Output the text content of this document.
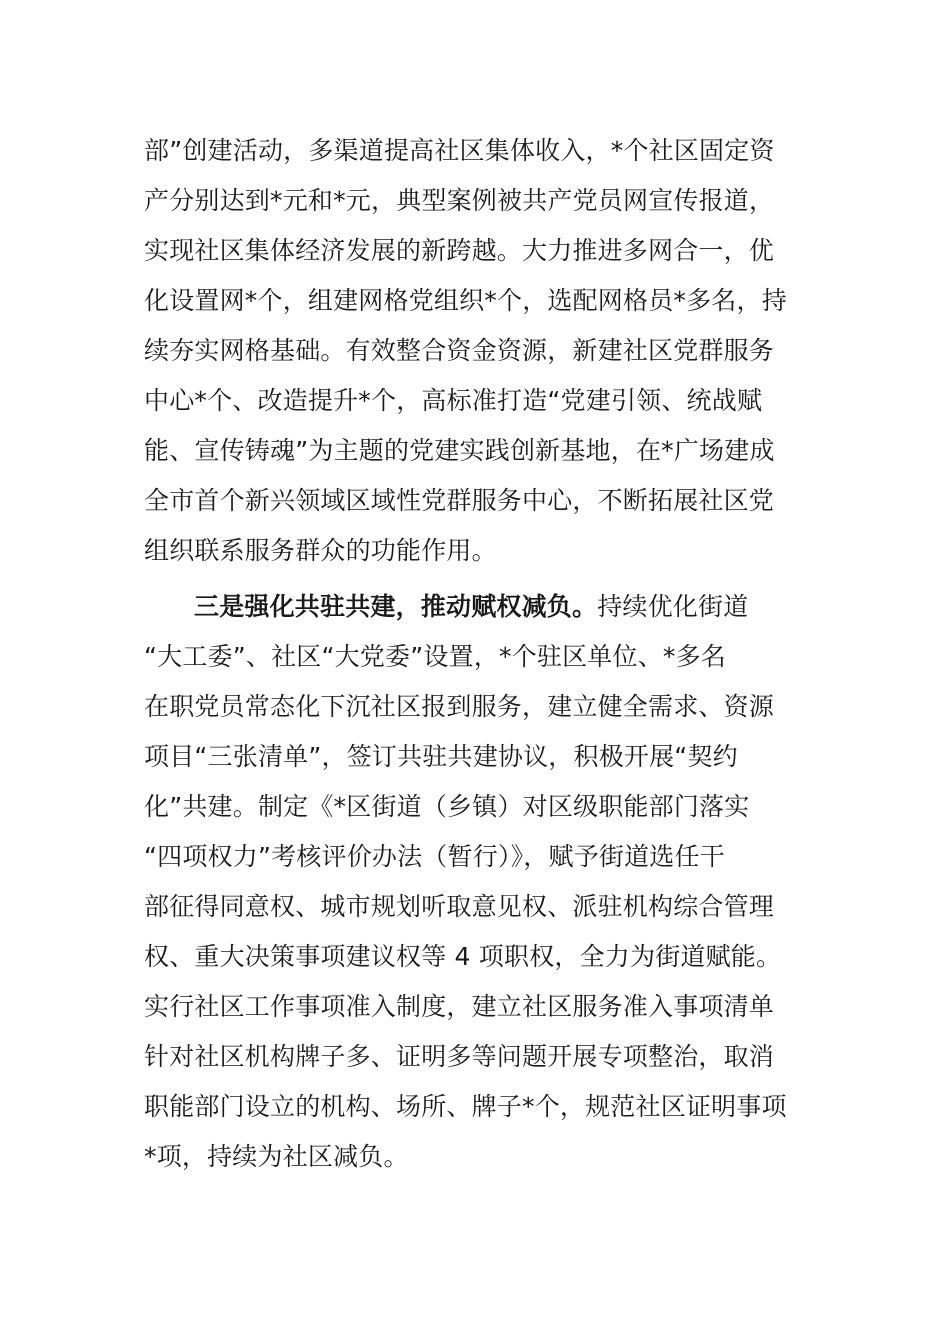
部”创建活动，多渠道提高社区集体收入，*个社区固定资
产分别达到*元和*元，典型案例被共产党员网宣传报道，
实现社区集体经济发展的新跨越。大力推进多网合一，优
化设置网*个，组建网格党组织*个，选配网格员*多名，持
续夯实网格基础。有效整合资金资源，新建社区党群服务
中心*个、改造提升*个，高标准打造“党建引领、统战赋
能、宣传铸魂”为主题的党建实践创新基地，在*广场建成
全市首个新兴领域区域性党群服务中心，不断拓展社区党
组织联系服务群众的功能作用。
三是强化共驻共建，推动赋权减负。持续优化街道
“大工委”、社区“大党委”设置，*个驻区单位、*多名
在职党员常态化下沉社区报到服务，建立健全需求、资源
项目“三张清单”，签订共驻共建协议，积极开展“契约
化”共建。制定《*区街道（乡镇）对区级职能部门落实
“四项权力”考核评价办法（暂行）》，赋予街道选任干
部征得同意权、城市规划听取意见权、派驻机构综合管理
权、重大决策事项建议权等 4 项职权，全力为街道赋能。
实行社区工作事项准入制度，建立社区服务准入事项清单
针对社区机构牌子多、证明多等问题开展专项整治，取消
职能部门设立的机构、场所、牌子*个，规范社区证明事项
*项，持续为社区减负。
